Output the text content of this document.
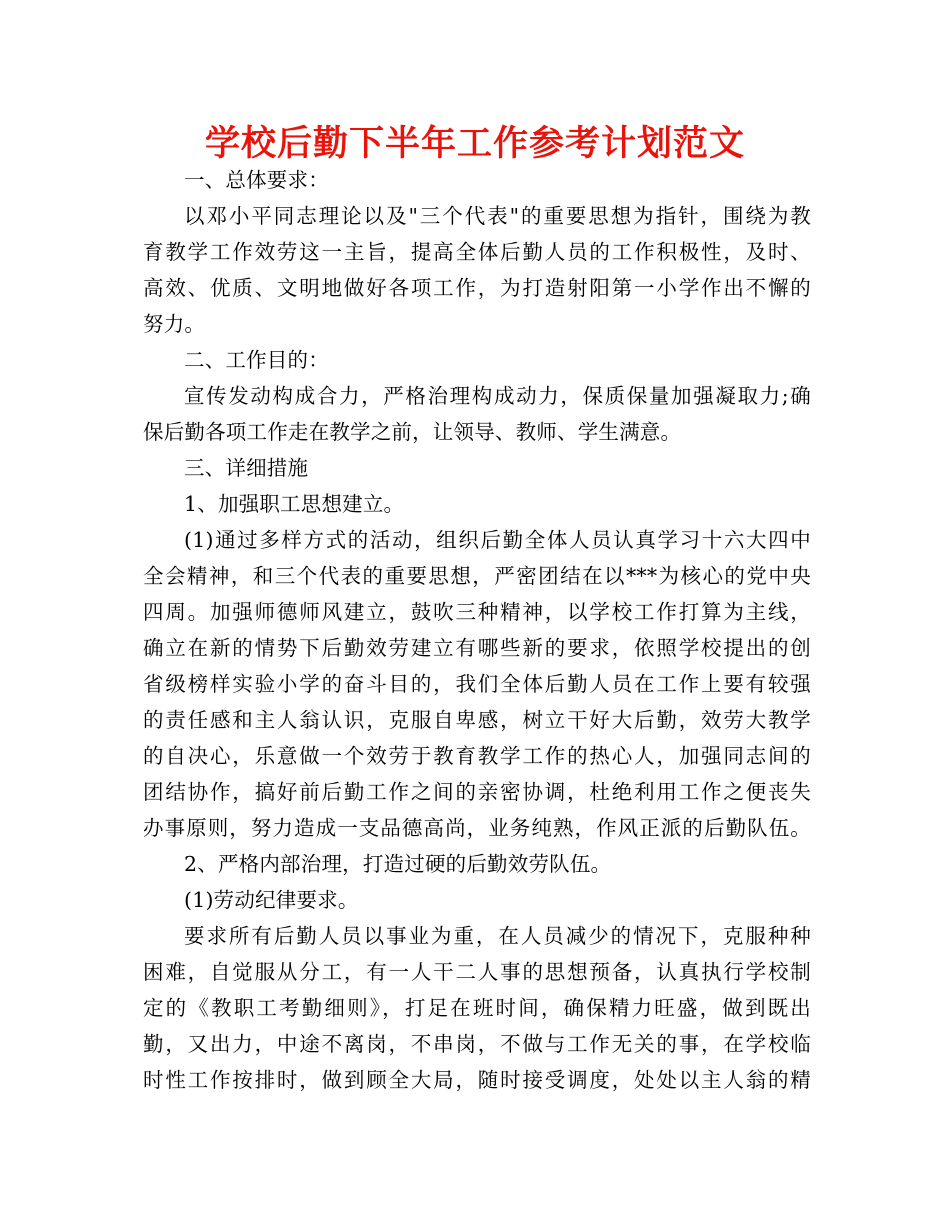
学校后勤下半年工作参考计划范文
一、总体要求：
以邓小平同志理论以及"三个代表"的重要思想为指针，围绕为教
育教学工作效劳这一主旨，提高全体后勤人员的工作积极性，及时、
高效、优质、文明地做好各项工作，为打造射阳第一小学作出不懈的
努力。
二、工作目的：
宣传发动构成合力，严格治理构成动力，保质保量加强凝取力;确
保后勤各项工作走在教学之前，让领导、教师、学生满意。
三、详细措施
1、加强职工思想建立。
(1)通过多样方式的活动，组织后勤全体人员认真学习十六大四中
全会精神，和三个代表的重要思想，严密团结在以***为核心的党中央
四周。加强师德师风建立，鼓吹三种精神，以学校工作打算为主线，
确立在新的情势下后勤效劳建立有哪些新的要求，依照学校提出的创
省级榜样实验小学的奋斗目的，我们全体后勤人员在工作上要有较强
的责任感和主人翁认识，克服自卑感，树立干好大后勤，效劳大教学
的自决心，乐意做一个效劳于教育教学工作的热心人，加强同志间的
团结协作，搞好前后勤工作之间的亲密协调，杜绝利用工作之便丧失
办事原则，努力造成一支品德高尚，业务纯熟，作风正派的后勤队伍。
2、严格内部治理，打造过硬的后勤效劳队伍。
(1)劳动纪律要求。
要求所有后勤人员以事业为重，在人员减少的情况下，克服种种
困难，自觉服从分工，有一人干二人事的思想预备，认真执行学校制
定的《教职工考勤细则》，打足在班时间，确保精力旺盛，做到既出
勤，又出力，中途不离岗，不串岗，不做与工作无关的事，在学校临
时性工作按排时，做到顾全大局，随时接受调度，处处以主人翁的精
